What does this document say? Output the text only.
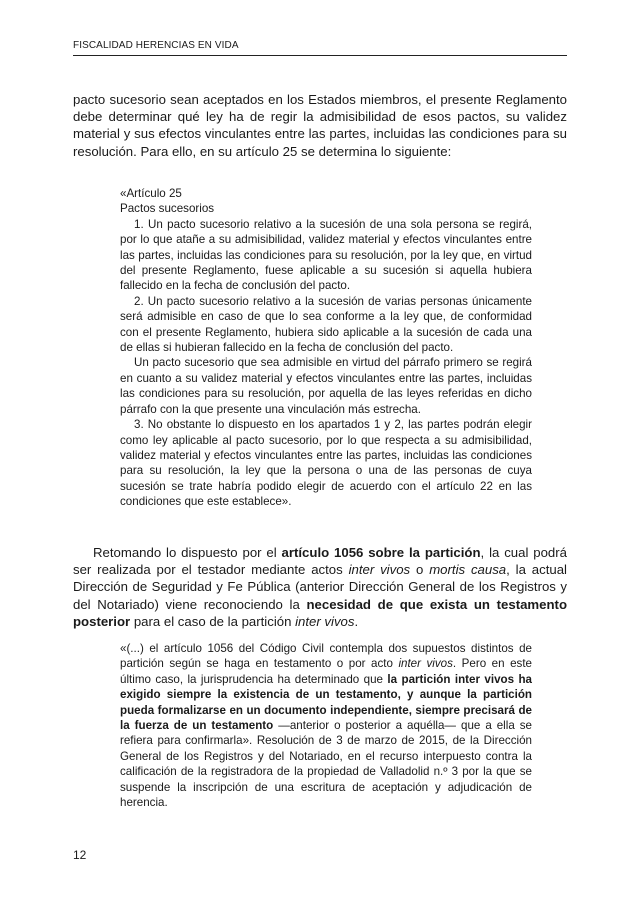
FISCALIDAD HERENCIAS EN VIDA

pacto sucesorio sean aceptados en los Estados miembros, el presente Reglamento debe determinar qué ley ha de regir la admisibilidad de esos pactos, su validez material y sus efectos vinculantes entre las partes, incluidas las condiciones para su resolución. Para ello, en su artículo 25 se determina lo siguiente:

«Artículo 25

Pactos sucesorios

1. Un pacto sucesorio relativo a la sucesión de una sola persona se regirá, por lo que atañe a su admisibilidad, validez material y efectos vinculantes entre las partes, incluidas las condiciones para su resolución, por la ley que, en virtud del presente Reglamento, fuese aplicable a su sucesión si aquella hubiera fallecido en la fecha de conclusión del pacto.

2. Un pacto sucesorio relativo a la sucesión de varias personas únicamente será admisible en caso de que lo sea conforme a la ley que, de conformidad con el presente Reglamento, hubiera sido aplicable a la sucesión de cada una de ellas si hubieran fallecido en la fecha de conclusión del pacto.

Un pacto sucesorio que sea admisible en virtud del párrafo primero se regirá en cuanto a su validez material y efectos vinculantes entre las partes, incluidas las condiciones para su resolución, por aquella de las leyes referidas en dicho párrafo con la que presente una vinculación más estrecha.

3. No obstante lo dispuesto en los apartados 1 y 2, las partes podrán elegir como ley aplicable al pacto sucesorio, por lo que respecta a su admisibilidad, validez material y efectos vinculantes entre las partes, incluidas las condiciones para su resolución, la ley que la persona o una de las personas de cuya sucesión se trate habría podido elegir de acuerdo con el artículo 22 en las condiciones que este establece».

Retomando lo dispuesto por el artículo 1056 sobre la partición, la cual podrá ser realizada por el testador mediante actos inter vivos o mortis causa, la actual Dirección de Seguridad y Fe Pública (anterior Dirección General de los Registros y del Notariado) viene reconociendo la necesidad de que exista un testamento posterior para el caso de la partición inter vivos.

«(...) el artículo 1056 del Código Civil contempla dos supuestos distintos de partición según se haga en testamento o por acto inter vivos. Pero en este último caso, la jurisprudencia ha determinado que la partición inter vivos ha exigido siempre la existencia de un testamento, y aunque la partición pueda formalizarse en un documento independiente, siempre precisará de la fuerza de un testamento —anterior o posterior a aquélla— que a ella se refiera para confirmarla». Resolución de 3 de marzo de 2015, de la Dirección General de los Registros y del Notariado, en el recurso interpuesto contra la calificación de la registradora de la propiedad de Valladolid n.º 3 por la que se suspende la inscripción de una escritura de aceptación y adjudicación de herencia.

12
